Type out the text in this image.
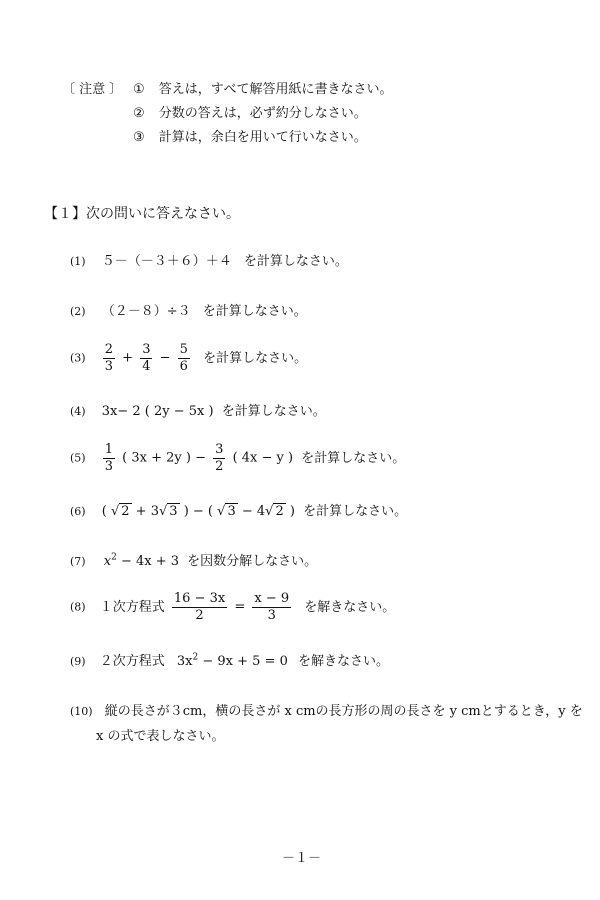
〔 注意 〕 ① 答えは，すべて解答用紙に書きなさい。
② 分数の答えは，必ず約分しなさい。
③ 計算は，余白を用いて行いなさい。
【１】次の問いに答えなさい。
(1) ５－（－３＋６）＋４ を計算しなさい。
(2) （２－８）÷３ を計算しなさい。
$(3) \frac{2}{3} + \frac{3}{4} - \frac{5}{6}$ を計算しなさい。
(4) 3x− 2 ( 2y − 5x ) を計算しなさい。
$(5) \frac{1}{3}$ ( 3x + 2y ) − $\frac{3}{2}$ ( 4x − y ) を計算しなさい。
(6) ( √ 2 + 3√ 3 ) − ( √ 3 − 4√ 2 ) を計算しなさい。
(7) $x^2 - 4x + 3$ を因数分解しなさい。
(8) １次方程式 $\frac{16 - 3x}{2} = \frac{x - 9}{3}$ を解きなさい。
(9) ２次方程式 $3x^2 - 9x + 5 = 0$ を解きなさい。
(10) 縦の長さが３cm，横の長さが x cmの長方形の周の長さを y cmとするとき，y を
x の式で表しなさい。
－１－
